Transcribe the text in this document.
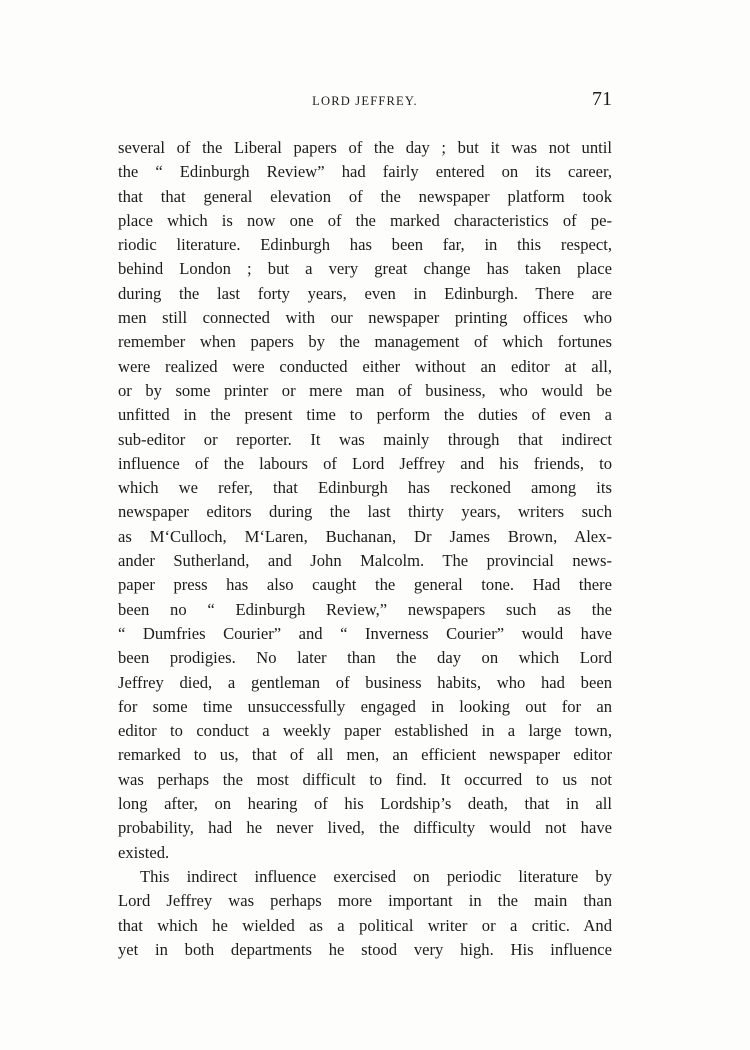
LORD JEFFREY.	71
several of the Liberal papers of the day ; but it was not until
the “ Edinburgh Review” had fairly entered on its career,
that that general elevation of the newspaper platform took
place which is now one of the marked characteristics of pe-
riodic literature. Edinburgh has been far, in this respect,
behind London ; but a very great change has taken place
during the last forty years, even in Edinburgh. There are
men still connected with our newspaper printing offices who
remember when papers by the management of which fortunes
were realized were conducted either without an editor at all,
or by some printer or mere man of business, who would be
unfitted in the present time to perform the duties of even a
sub-editor or reporter. It was mainly through that indirect
influence of the labours of Lord Jeffrey and his friends, to
which we refer, that Edinburgh has reckoned among its
newspaper editors during the last thirty years, writers such
as M‘Culloch, M‘Laren, Buchanan, Dr James Brown, Alex-
ander Sutherland, and John Malcolm. The provincial news-
paper press has also caught the general tone. Had there
been no “ Edinburgh Review,” newspapers such as the
“ Dumfries Courier” and “ Inverness Courier” would have
been prodigies. No later than the day on which Lord
Jeffrey died, a gentleman of business habits, who had been
for some time unsuccessfully engaged in looking out for an
editor to conduct a weekly paper established in a large town,
remarked to us, that of all men, an efficient newspaper editor
was perhaps the most difficult to find. It occurred to us not
long after, on hearing of his Lordship’s death, that in all
probability, had he never lived, the difficulty would not have
existed.
This indirect influence exercised on periodic literature by
Lord Jeffrey was perhaps more important in the main than
that which he wielded as a political writer or a critic. And
yet in both departments he stood very high. His influence
